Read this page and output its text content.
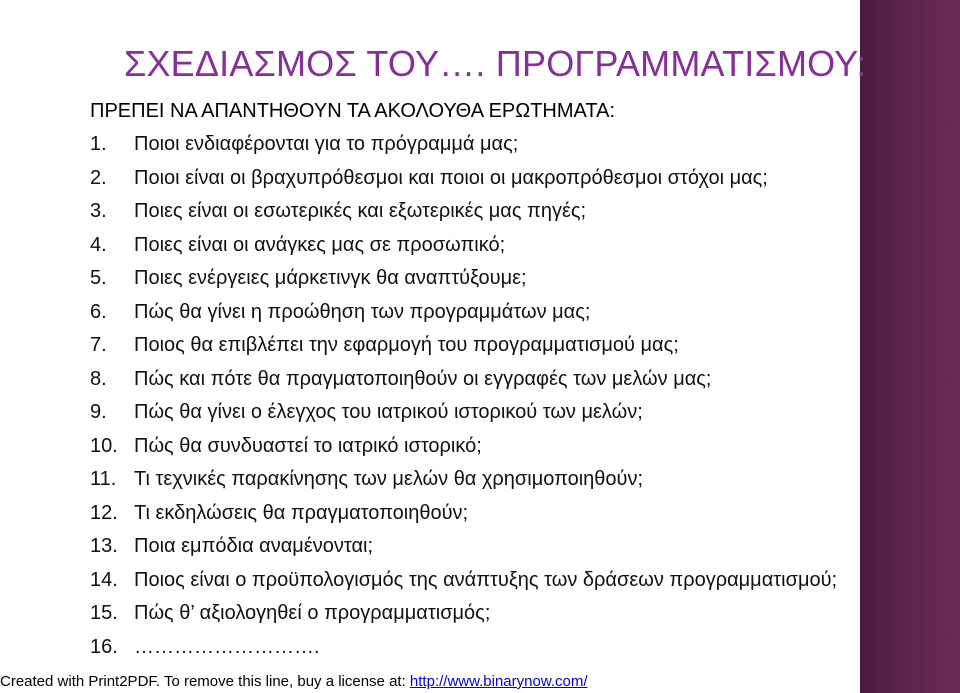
ΣΧΕΔΙΑΣΜΟΣ ΤΟΥ…. ΠΡΟΓΡΑΜΜΑΤΙΣΜΟΥ:
ΠΡΕΠΕΙ ΝΑ ΑΠΑΝΤΗΘΟΥΝ ΤΑ ΑΚΟΛΟΥΘΑ ΕΡΩΤΗΜΑΤΑ:
1.	Ποιοι ενδιαφέρονται για το πρόγραμμά μας;
2.	Ποιοι είναι οι βραχυπρόθεσμοι και ποιοι οι μακροπρόθεσμοι στόχοι μας;
3.	Ποιες είναι οι εσωτερικές και εξωτερικές μας πηγές;
4.	Ποιες είναι οι ανάγκες μας σε προσωπικό;
5.	Ποιες ενέργειες μάρκετινγκ θα αναπτύξουμε;
6.	Πώς θα γίνει η προώθηση των προγραμμάτων μας;
7.	Ποιος θα επιβλέπει την εφαρμογή του προγραμματισμού μας;
8.	Πώς και πότε θα πραγματοποιηθούν οι εγγραφές των μελών μας;
9.	Πώς θα γίνει ο έλεγχος του ιατρικού ιστορικού των μελών;
10. Πώς θα συνδυαστεί το ιατρικό ιστορικό;
11. Τι τεχνικές παρακίνησης των μελών θα χρησιμοποιηθούν;
12. Τι εκδηλώσεις θα πραγματοποιηθούν;
13. Ποια εμπόδια αναμένονται;
14. Ποιος είναι ο προϋπολογισμός της ανάπτυξης των δράσεων προγραμματισμού;
15. Πώς θ’ αξιολογηθεί ο προγραμματισμός;
16. ……………………….
Created with Print2PDF. To remove this line, buy a license at: http://www.binarynow.com/
